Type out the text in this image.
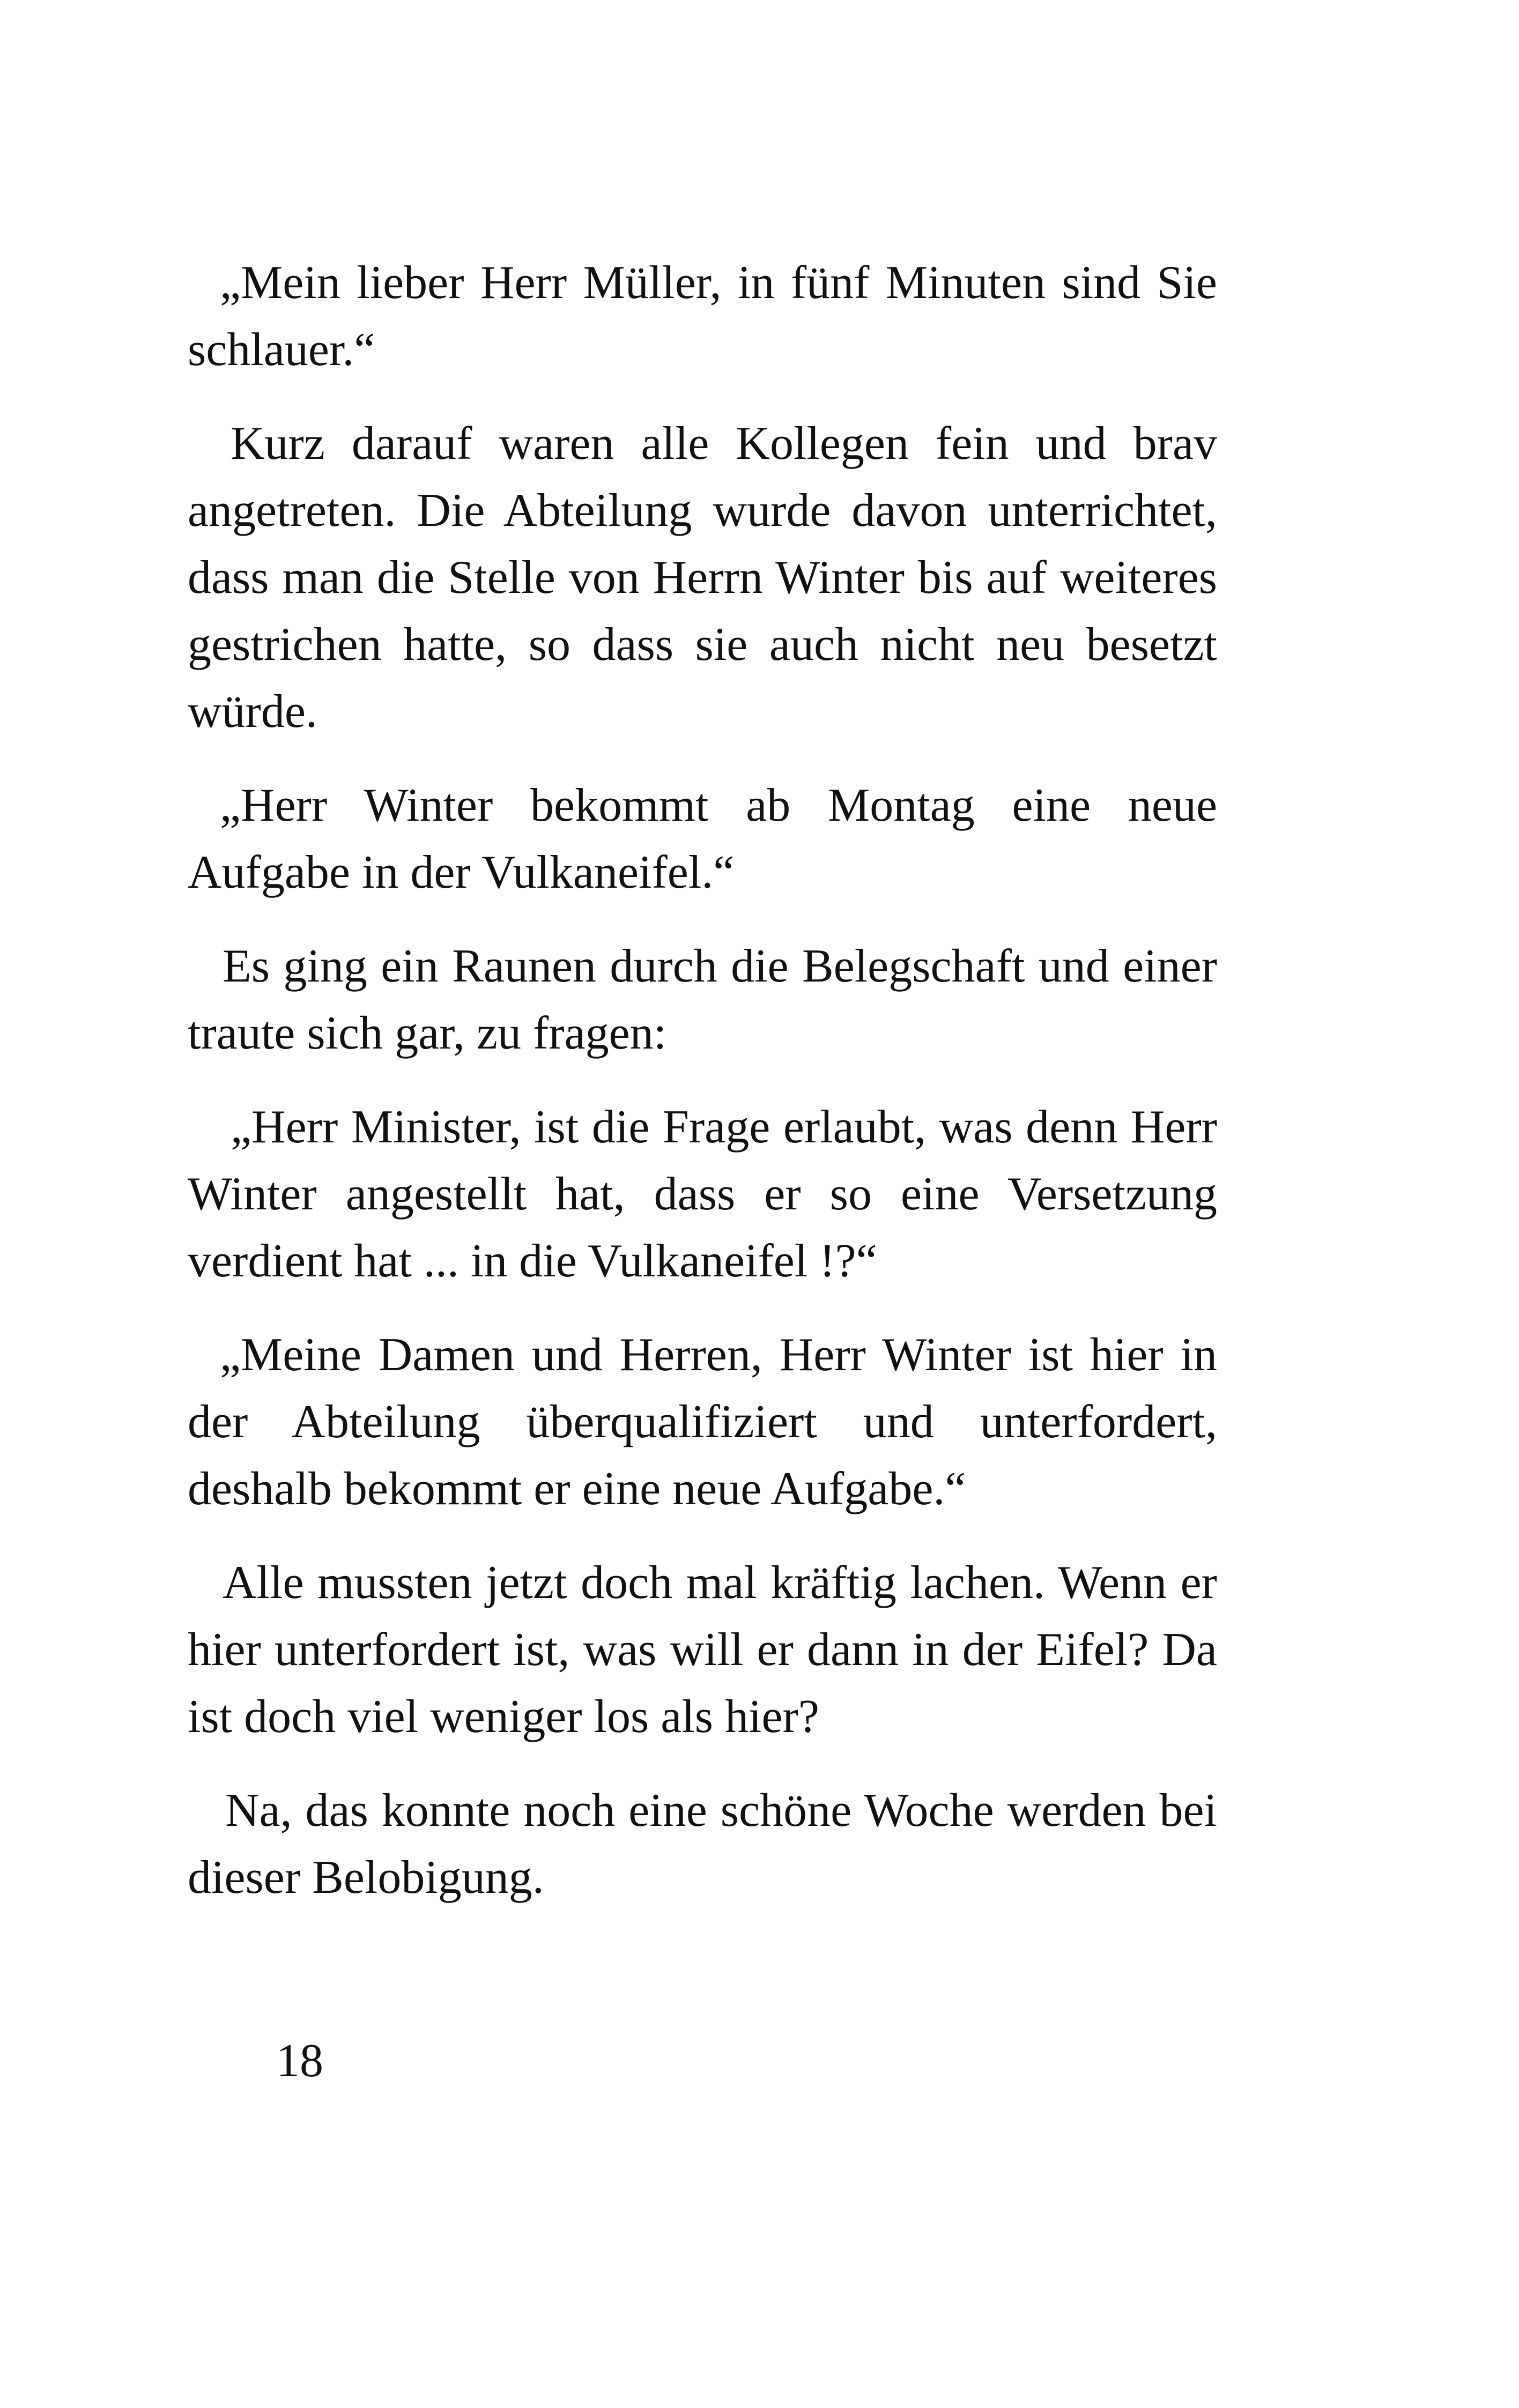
„Mein lieber Herr Müller, in fünf Minuten sind Sie schlauer.“

Kurz darauf waren alle Kollegen fein und brav angetreten. Die Abteilung wurde davon unterrichtet, dass man die Stelle von Herrn Winter bis auf weiteres gestrichen hatte, so dass sie auch nicht neu besetzt würde.

„Herr Winter bekommt ab Montag eine neue Aufgabe in der Vulkaneifel.“

Es ging ein Raunen durch die Belegschaft und einer traute sich gar, zu fragen:

„Herr Minister, ist die Frage erlaubt, was denn Herr Winter angestellt hat, dass er so eine Versetzung verdient hat ... in die Vulkaneifel !?“

„Meine Damen und Herren, Herr Winter ist hier in der Abteilung überqualifiziert und unterfordert, deshalb bekommt er eine neue Aufgabe.“

Alle mussten jetzt doch mal kräftig lachen. Wenn er hier unterfordert ist, was will er dann in der Eifel? Da ist doch viel weniger los als hier?

Na, das konnte noch eine schöne Woche werden bei dieser Belobigung.

18
